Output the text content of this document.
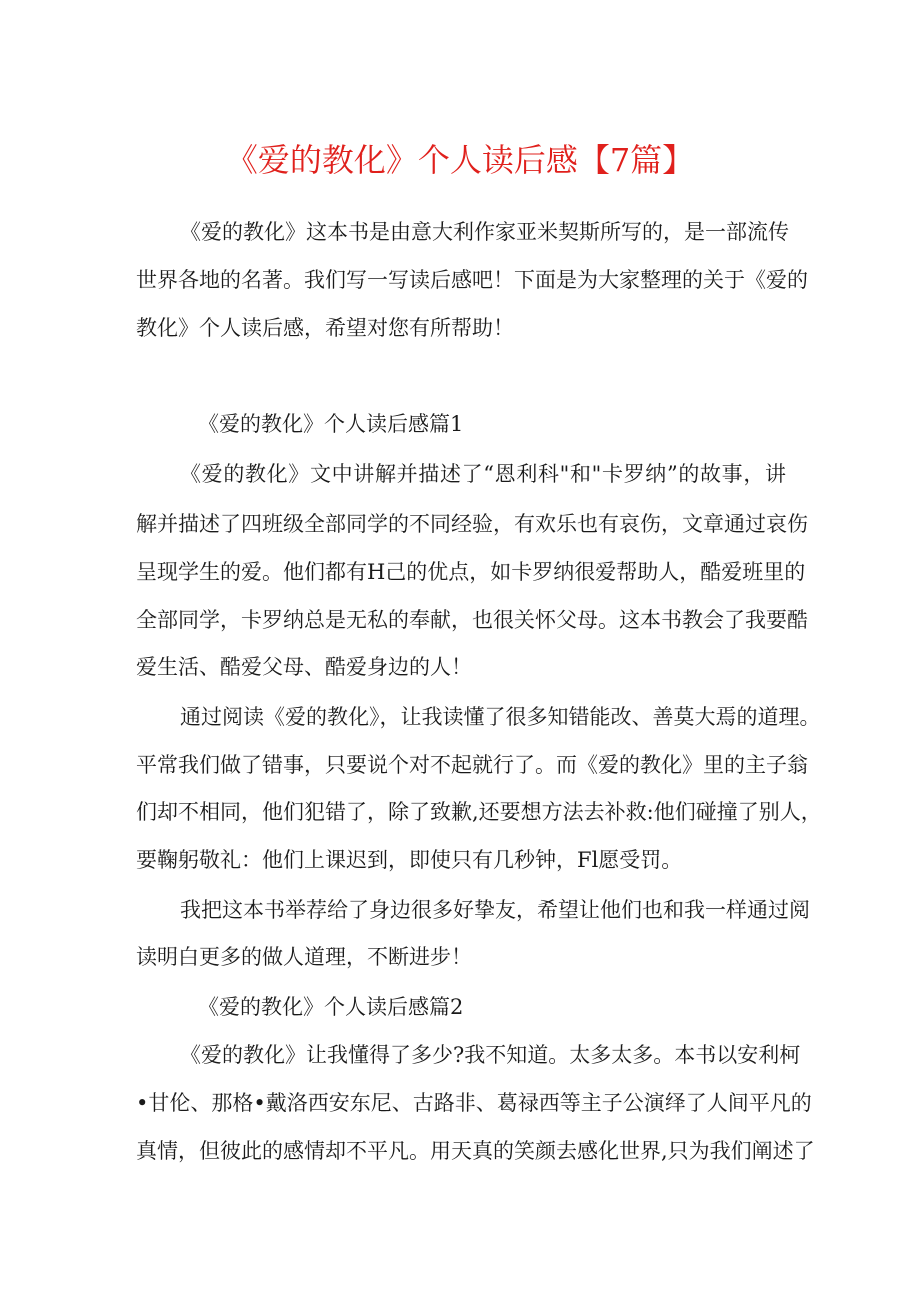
《爱的教化》个人读后感【7篇】
《爱的教化》这本书是由意大利作家亚米契斯所写的，是一部流传
世界各地的名著。我们写一写读后感吧！下面是为大家整理的关于《爱的
教化》个人读后感，希望对您有所帮助！
《爱的教化》个人读后感篇1
《爱的教化》文中讲解并描述了“恩利科"和"卡罗纳”的故事，讲
解并描述了四班级全部同学的不同经验，有欢乐也有哀伤，文章通过哀伤
呈现学生的爱。他们都有H己的优点，如卡罗纳很爱帮助人，酷爱班里的
全部同学，卡罗纳总是无私的奉献，也很关怀父母。这本书教会了我要酷
爱生活、酷爱父母、酷爱身边的人！
通过阅读《爱的教化》，让我读懂了很多知错能改、善莫大焉的道理。
平常我们做了错事，只要说个对不起就行了。而《爱的教化》里的主子翁
们却不相同，他们犯错了，除了致歉,还要想方法去补救:他们碰撞了别人，
要鞠躬敬礼：他们上课迟到，即使只有几秒钟，Fl愿受罚。
我把这本书举荐给了身边很多好挚友，希望让他们也和我一样通过阅
读明白更多的做人道理，不断进步！
《爱的教化》个人读后感篇2
《爱的教化》让我懂得了多少?我不知道。太多太多。本书以安利柯
•甘伦、那格•戴洛西安东尼、古路非、葛禄西等主子公演绎了人间平凡的
真情，但彼此的感情却不平凡。用天真的笑颜去感化世界,只为我们阐述了
